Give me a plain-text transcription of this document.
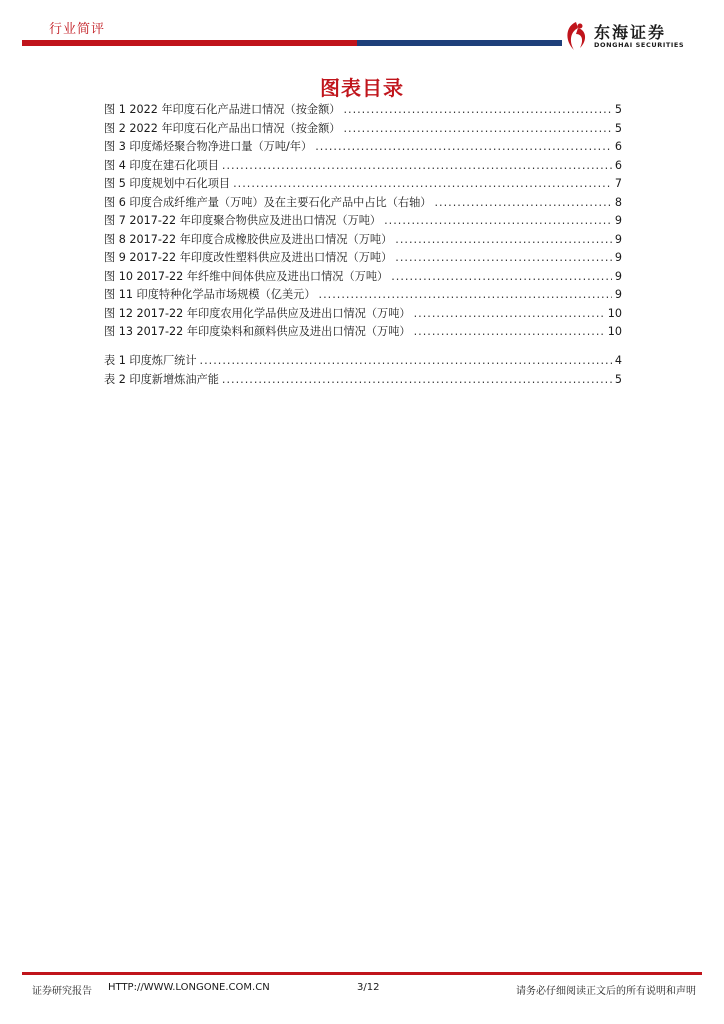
行业简评	东海证券
DONGHAI SECURITIES
图表目录
图 1 2022 年印度石化产品进口情况（按金额） .....	5
图 2 2022 年印度石化产品出口情况（按金额） .....	5
图 3 印度烯烃聚合物净进口量（万吨/年） .....	6
图 4 印度在建石化项目 .....	6
图 5 印度规划中石化项目 .....	7
图 6 印度合成纤维产量（万吨）及在主要石化产品中占比（右轴） .....	8
图 7 2017-22 年印度聚合物供应及进出口情况（万吨） .....	9
图 8 2017-22 年印度合成橡胶供应及进出口情况（万吨） .....	9
图 9 2017-22 年印度改性塑料供应及进出口情况（万吨） .....	9
图 10 2017-22 年纤维中间体供应及进出口情况（万吨） .....	9
图 11 印度特种化学品市场规模（亿美元） .....	9
图 12 2017-22 年印度农用化学品供应及进出口情况（万吨） .....	10
图 13 2017-22 年印度染料和颜料供应及进出口情况（万吨） .....	10
表 1 印度炼厂统计 .....	4
表 2 印度新增炼油产能 .....	5
证券研究报告 HTTP://WWW.LONGONE.COM.CN	3/12	请务必仔细阅读正文后的所有说明和声明
